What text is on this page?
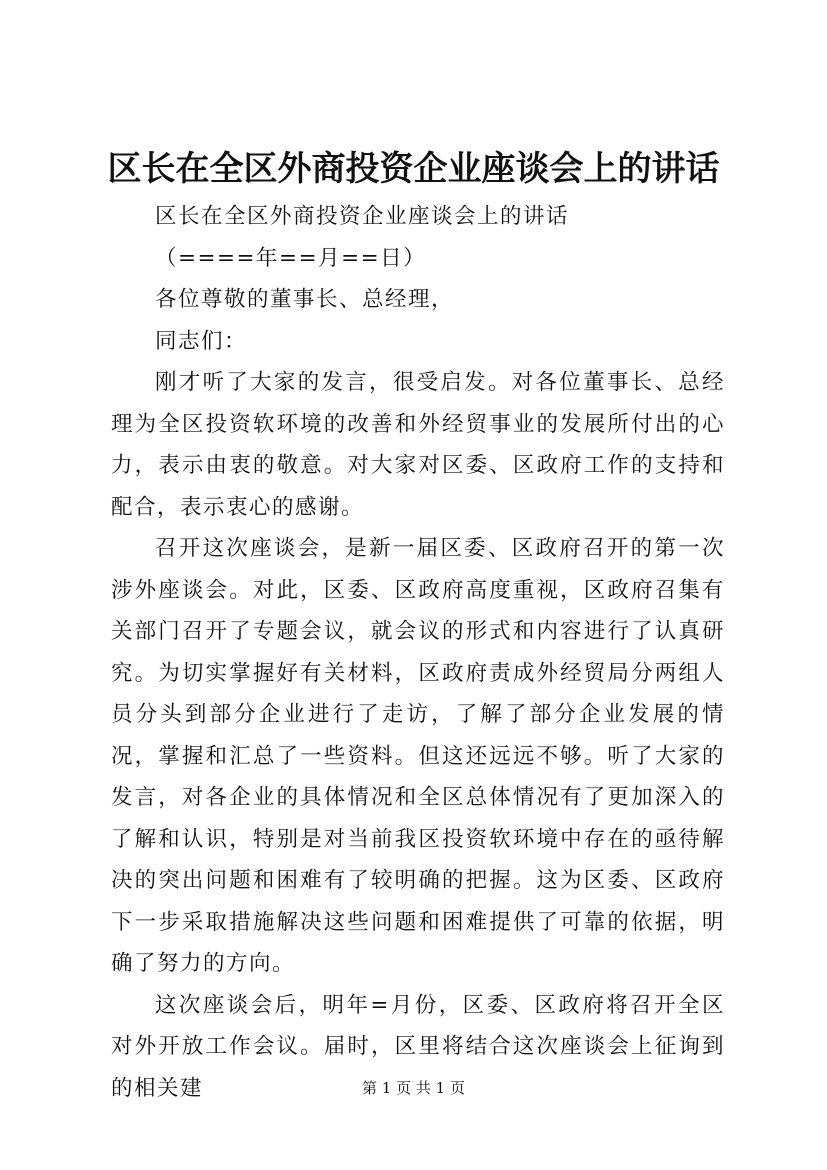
区长在全区外商投资企业座谈会上的讲话

区长在全区外商投资企业座谈会上的讲话

（====年==月==日）

各位尊敬的董事长、总经理，

同志们：

刚才听了大家的发言，很受启发。对各位董事长、总经理为全区投资软环境的改善和外经贸事业的发展所付出的心力，表示由衷的敬意。对大家对区委、区政府工作的支持和配合，表示衷心的感谢。

召开这次座谈会，是新一届区委、区政府召开的第一次涉外座谈会。对此，区委、区政府高度重视，区政府召集有关部门召开了专题会议，就会议的形式和内容进行了认真研究。为切实掌握好有关材料，区政府责成外经贸局分两组人员分头到部分企业进行了走访，了解了部分企业发展的情况，掌握和汇总了一些资料。但这还远远不够。听了大家的发言，对各企业的具体情况和全区总体情况有了更加深入的了解和认识，特别是对当前我区投资软环境中存在的亟待解决的突出问题和困难有了较明确的把握。这为区委、区政府下一步采取措施解决这些问题和困难提供了可靠的依据，明确了努力的方向。

这次座谈会后，明年=月份，区委、区政府将召开全区对外开放工作会议。届时，区里将结合这次座谈会上征询到的相关建	第 1 页 共 1 页
